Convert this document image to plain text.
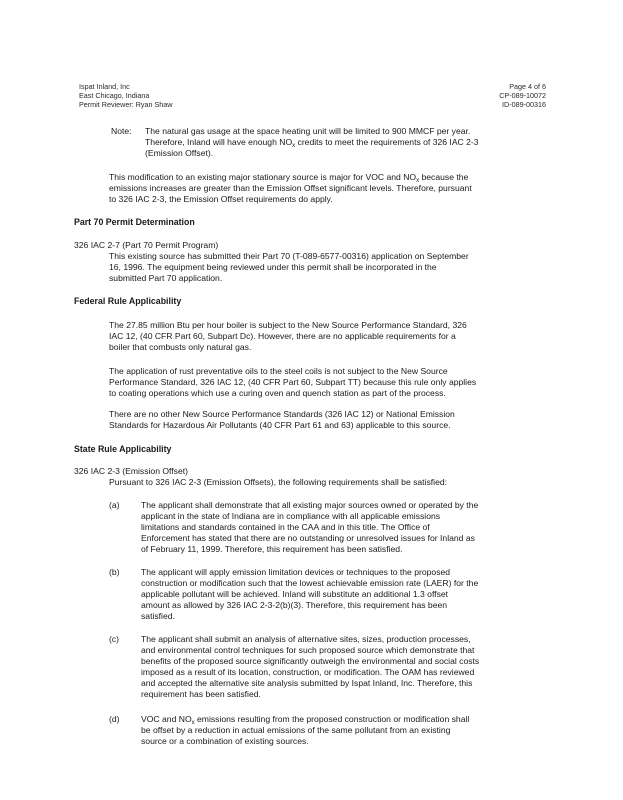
Ispat Inland, Inc
East Chicago, Indiana
Permit Reviewer: Ryan Shaw
Page 4 of 6
CP-089-10072
ID-089-00316
Note: The natural gas usage at the space heating unit will be limited to 900 MMCF per year.
Therefore, Inland will have enough $NO_x$ credits to meet the requirements of 326 IAC 2-3
(Emission Offset).
This modification to an existing major stationary source is major for VOC and $NO_x$ because the
emissions increases are greater than the Emission Offset significant levels. Therefore, pursuant
to 326 IAC 2-3, the Emission Offset requirements do apply.
Part 70 Permit Determination
326 IAC 2-7 (Part 70 Permit Program)
This existing source has submitted their Part 70 (T-089-6577-00316) application on September
16, 1996. The equipment being reviewed under this permit shall be incorporated in the
submitted Part 70 application.
Federal Rule Applicability
The 27.85 million Btu per hour boiler is subject to the New Source Performance Standard, 326
IAC 12, (40 CFR Part 60, Subpart Dc). However, there are no applicable requirements for a
boiler that combusts only natural gas.
The application of rust preventative oils to the steel coils is not subject to the New Source
Performance Standard, 326 IAC 12, (40 CFR Part 60, Subpart TT) because this rule only applies
to coating operations which use a curing oven and quench station as part of the process.
There are no other New Source Performance Standards (326 IAC 12) or National Emission
Standards for Hazardous Air Pollutants (40 CFR Part 61 and 63) applicable to this source.
State Rule Applicability
326 IAC 2-3 (Emission Offset)
Pursuant to 326 IAC 2-3 (Emission Offsets), the following requirements shall be satisfied:
(a) The applicant shall demonstrate that all existing major sources owned or operated by the
applicant in the state of Indiana are in compliance with all applicable emissions
limitations and standards contained in the CAA and in this title. The Office of
Enforcement has stated that there are no outstanding or unresolved issues for Inland as
of February 11, 1999. Therefore, this requirement has been satisfied.
(b) The applicant will apply emission limitation devices or techniques to the proposed
construction or modification such that the lowest achievable emission rate (LAER) for the
applicable pollutant will be achieved. Inland will substitute an additional 1.3 offset
amount as allowed by 326 IAC 2-3-2(b)(3). Therefore, this requirement has been
satisfied.
(c)	The applicant shall submit an analysis of alternative sites, sizes, production processes,
and environmental control techniques for such proposed source which demonstrate that
benefits of the proposed source significantly outweigh the environmental and social costs
imposed as a result of its location, construction, or modification. The OAM has reviewed
and accepted the alternative site analysis submitted by Ispat Inland, Inc. Therefore, this
requirement has been satisfied.
(d) VOC and $NO_x$ emissions resulting from the proposed construction or modification shall
be offset by a reduction in actual emissions of the same pollutant from an existing
source or a combination of existing sources.
